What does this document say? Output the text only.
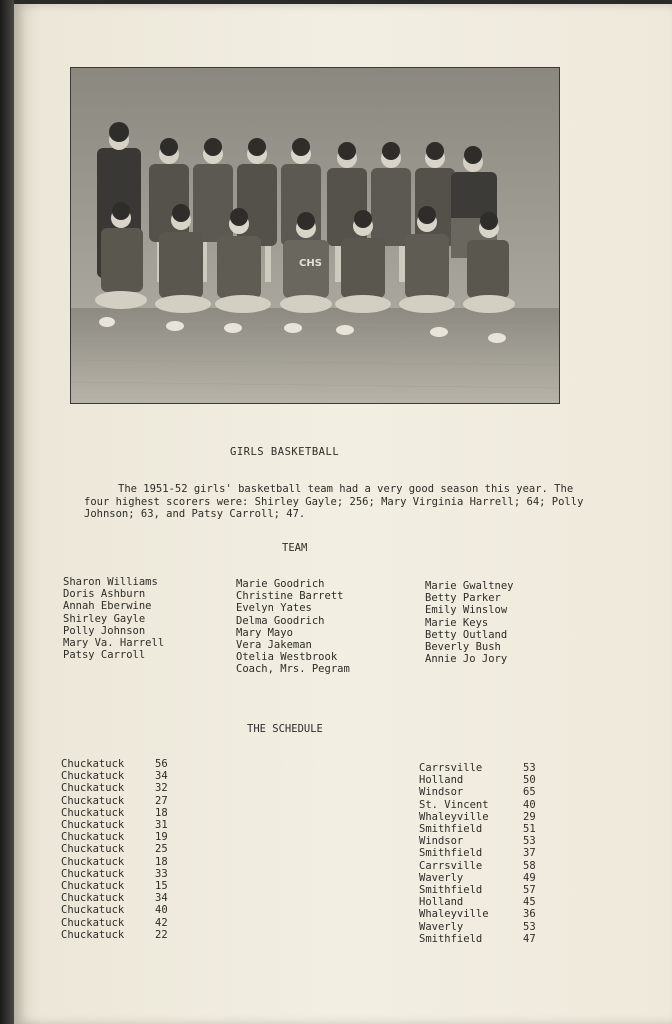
CHS
GIRLS BASKETBALL
The 1951-52 girls' basketball team had a very good season this year. The four highest scorers were: Shirley Gayle; 256; Mary Virginia Harrell; 64; Polly Johnson; 63, and Patsy Carroll; 47.
TEAM
Sharon Williams
Doris Ashburn
Annah Eberwine
Shirley Gayle
Polly Johnson
Mary Va. Harrell
Patsy Carroll
Marie Goodrich
Christine Barrett
Evelyn Yates
Delma Goodrich
Mary Mayo
Vera Jakeman
Otelia Westbrook
Coach, Mrs. Pegram
Marie Gwaltney
Betty Parker
Emily Winslow
Marie Keys
Betty Outland
Beverly Bush
Annie Jo Jory
THE SCHEDULE
Chuckatuck	56
Chuckatuck	34
Chuckatuck	32
Chuckatuck	27
Chuckatuck	18
Chuckatuck	31
Chuckatuck	19
Chuckatuck	25
Chuckatuck	18
Chuckatuck	33
Chuckatuck	15
Chuckatuck	34
Chuckatuck	40
Chuckatuck	42
Chuckatuck	22
Carrsville	53
Holland	50
Windsor	65
St. Vincent	40
Whaleyville	29
Smithfield	51
Windsor	53
Smithfield	37
Carrsville	58
Waverly	49
Smithfield	57
Holland	45
Whaleyville	36
Waverly	53
Smithfield	47
